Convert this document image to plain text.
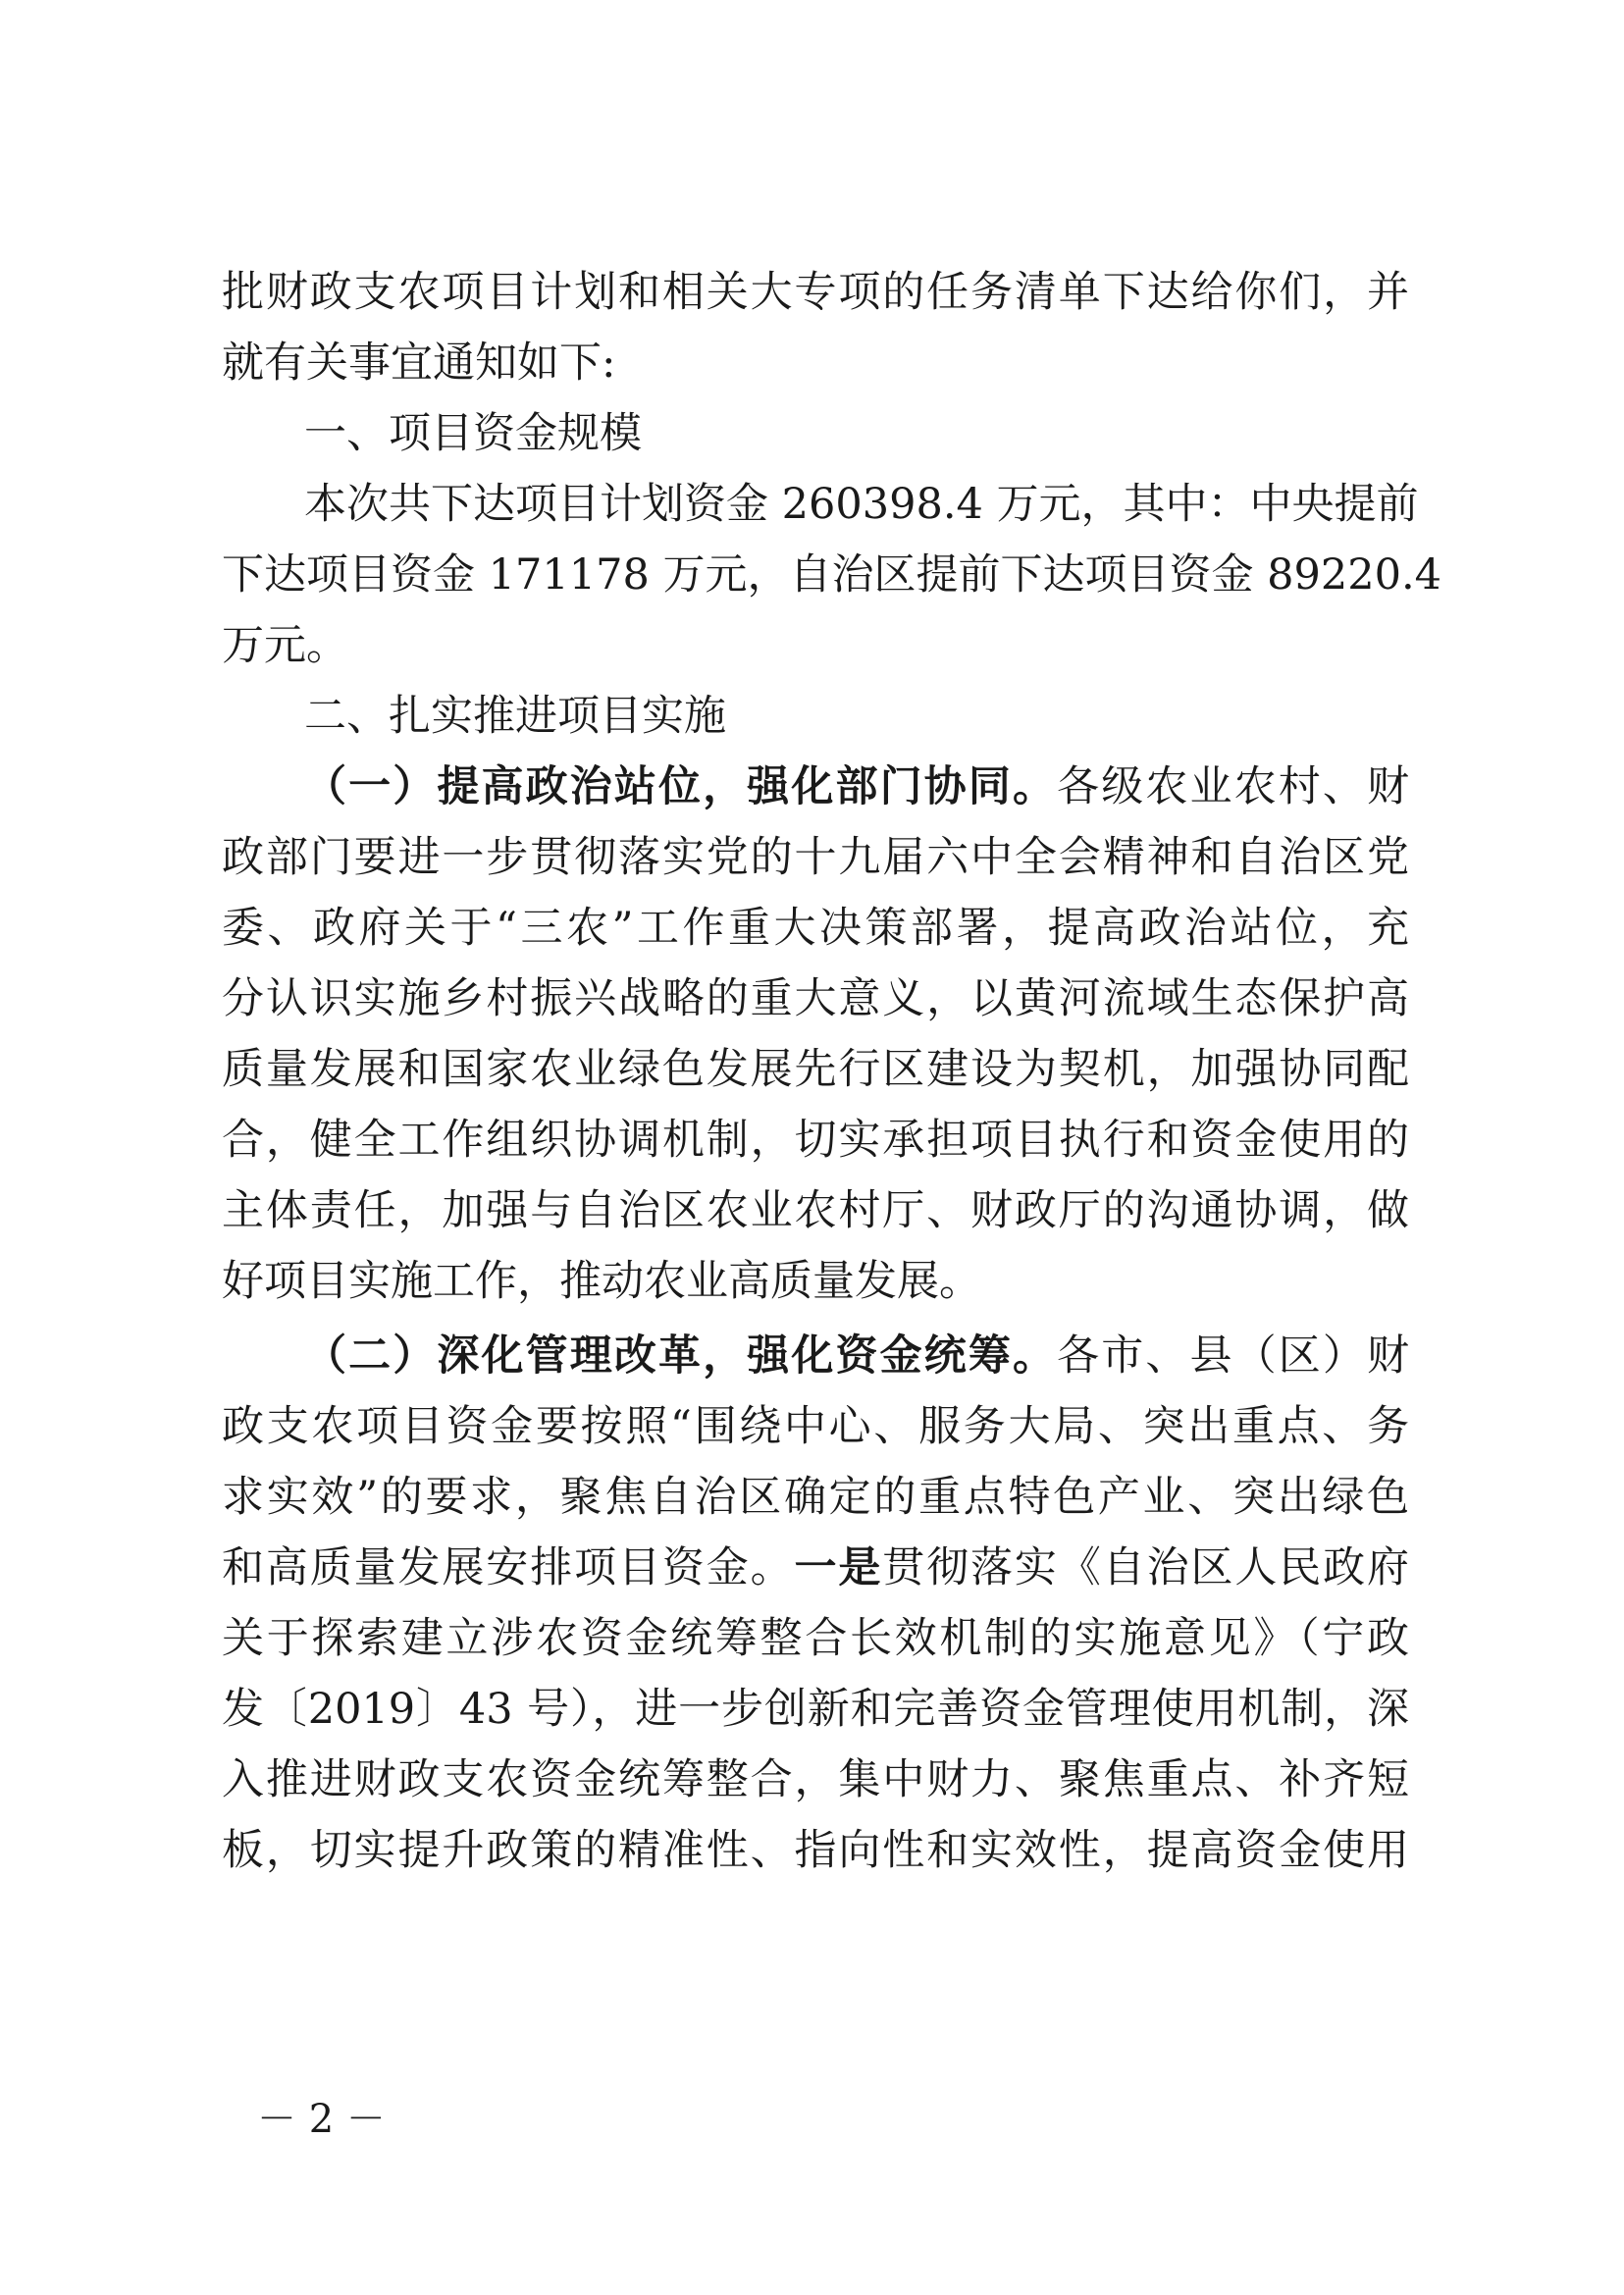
批财政支农项目计划和相关大专项的任务清单下达给你们，并
就有关事宜通知如下:
一、项目资金规模
本次共下达项目计划资金 260398.4 万元，其中：中央提前
下达项目资金 171178 万元，自治区提前下达项目资金 89220.4
万元。
二、扎实推进项目实施
（一）提高政治站位，强化部门协同。各级农业农村、财
政部门要进一步贯彻落实党的十九届六中全会精神和自治区党
委、政府关于“三农”工作重大决策部署，提高政治站位，充
分认识实施乡村振兴战略的重大意义，以黄河流域生态保护高
质量发展和国家农业绿色发展先行区建设为契机，加强协同配
合，健全工作组织协调机制，切实承担项目执行和资金使用的
主体责任，加强与自治区农业农村厅、财政厅的沟通协调，做
好项目实施工作，推动农业高质量发展。
（二）深化管理改革，强化资金统筹。各市、县（区）财
政支农项目资金要按照“围绕中心、服务大局、突出重点、务
求实效”的要求，聚焦自治区确定的重点特色产业、突出绿色
和高质量发展安排项目资金。一是贯彻落实《自治区人民政府
关于探索建立涉农资金统筹整合长效机制的实施意见》（宁政
发〔2019〕43 号），进一步创新和完善资金管理使用机制，深
入推进财政支农资金统筹整合，集中财力、聚焦重点、补齐短
板，切实提升政策的精准性、指向性和实效性，提高资金使用
－ 2 －
